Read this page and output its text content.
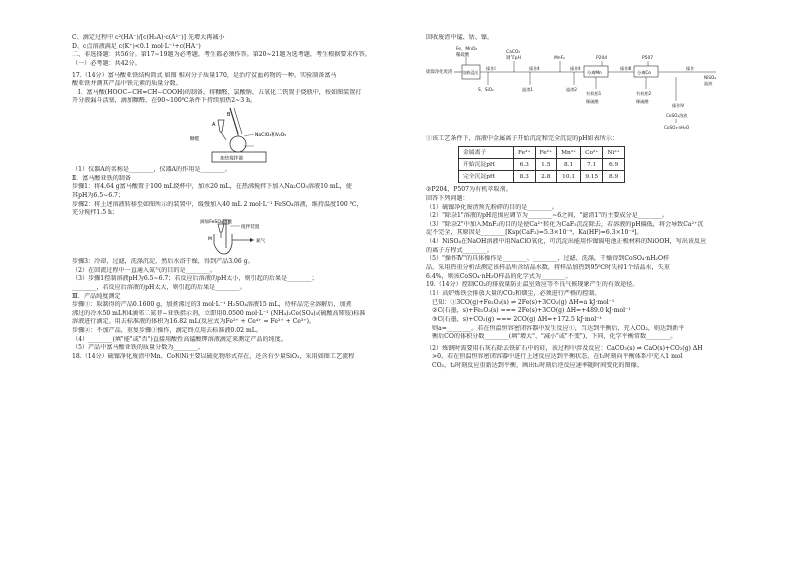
C、滴定过程中 c²(HA⁻)/[c(H₂A)·c(A²⁻)] 先增大再减小
D、c点溶液满足 c(K⁺)<0.1 mol·L⁻¹+c(HA⁻)
二、非选择题：共56分。第17~19题为必考题，考生都必须作答。第20~21题为选考题，考生根据要求作答。
（一）必考题：共42分。
17.（14分）富马酸亚铁结构简式 如图 相对分子质量170，是治疗贫血药物的一种。实验制备富马
酸亚铁并测其产品中铁元素的质量分数。
Ⅰ．富马酸(HOOC−CH=CH−COOH)的制备。将糠醛、氯酸钠、五氧化二钒置于烧瓶中，按如图装置打
开分液漏斗活塞，滴加糠醛，在90~100℃条件下持续加热2~3 h。
B
A
糠醛
NaClO₃和V₂O₅
加热搅拌器
（1）仪器A的名称是________，仪器A的作用是________。
Ⅱ．富马酸亚铁的制备
步骤1：将4.64 g富马酸置于100 mL烧杯中，加水20 mL，在热沸搅拌下加入Na₂CO₃溶液10 mL，使
其pH为6.5~6.7；
步骤2：将上述溶液转移至如图所示的装置中，缓慢加入40 mL 2 mol·L⁻¹ FeSO₄溶液，维持温度100 ℃，
充分搅拌1.5 h；
滴加FeSO₄溶液
搅拌装置
氮气
M
步骤3：冷却，过滤，洗涤沉淀，然后水浴干燥，得到产品3.06 g。
（2）在回流过程中一直通入氮气的目的是________。
（3）步骤1控制溶液pH为6.5~6.7；若反应后溶液的pH太小，则引起的后果是________；
________，若反应后溶液的pH太大，则引起的后果是________。
Ⅲ．产品纯度测定
步骤①：取制得的产品0.1600 g，加煮沸过的3 mol·L⁻¹ H₂SO₄溶液15 mL，待样品完全溶解后，加煮
沸过的冷水50 mL和4滴邻二氮菲−亚铁指示剂，立即用0.0500 mol·L⁻¹ (NH₄)₂Ce(SO₄)₃(硫酸高铈铵)标准
溶液进行滴定。用去标准液的体积为16.82 mL(反应式为Fe²⁺ + Ce⁴⁺ = Fe³⁺ + Ce³⁺)。
步骤②：不加产品，重复步骤①操作，滴定终点用去标准液0.02 mL。
（4）________(填"能"或"否")直接用酸性高锰酸钾溶液滴定来测定产品的纯度。
（5）产品中富马酸亚铁的质量分数为________。
18.（14分）硫镍净化废渣中Mn、Co和Ni主要以硫化物形式存在，还含有少量SiO₂，采用如图工艺流程
回收废渣中锰、钴、镍。
Fe、MnO₂
稀硫酸
CaCO₃
调节pH	MnF₂	P204	P507
硫镍净化废渣	加热浸出
操作Ⅰ	操作Ⅱ	操作Ⅱ	操作Ⅲ	操作
分离Mn	分离Co
S、SiO₂	滤渣1	滤渣2
有机相1	有机相2
稀硫酸	稀硫酸
操作Ⅳ
CoSO₄溶液
CoSO₄·nH₂O
NiSO₄
滤液
①该工艺条件下，溶液中金属离子开始沉淀和完全沉淀的pH如表所示：
金属离子	Fe³⁺	Fe²⁺	Mn²⁺	Co²⁺	Ni²⁺
开始沉淀pH	6.3	1.5	8.1	7.1	6.9
完全沉淀pH	8.3	2.8	10.1	9.15	8.9
②P204、P507为有机萃取剂。
回答下列问题：
（1）硫镍净化废渣预先粉碎的目的是________。
（2）"除杂1"溶液的pH范围应调节为________~6之间，"滤渣1"的主要成分是________。
（3）"除杂2"中加入MnF₂的目的是使Ca²⁺转化为CaF₂沉淀除去，若溶液的pH偏低，将会导致Ca²⁺沉
淀不完全，其原因是________[Ksp(CaF₂)=5.3×10⁻⁹，Ka(HF)=6.3×10⁻⁴]。
（4）NiSO₄在NaOH溶液中用NaClO氧化，可沉淀出能用作镍镉电池正极材料的NiOOH，写出该反应
的离子方程式________。
（5）"操作Ⅳ"的具体操作是________、________、过滤、洗涤，干燥得到CoSO₄·nH₂O样
品，采用热重分析法测定该样品所含结晶水数，将样品加热到95℃时失掉1个结晶水，失重
6.4%，则该CoSO₄·nH₂O样品的化学式为________。
19.（14分）控制CO₂的排放量防止温室效应等不良气候现象产生的有效途径。
（1）高炉炼铁会排放大量的CO₂和烟尘，必须进行严格的控制。
已知：①3CO(g)+Fe₂O₃(s) ⇌ 2Fe(s)+3CO₂(g) ΔH=a kJ·mol⁻¹
②C(石墨，s)+Fe₂O₃(s) === 2Fe(s)+3CO(g) ΔH=+489.0 kJ·mol⁻¹
③C(石墨，s)+CO₂(g) === 2CO(g) ΔH=+172.5 kJ·mol⁻¹
则a=________。若在恒温恒容密闭容器中发生反应①，当达到平衡后，充入CO₂，则达到新平
衡后CO的体积分数________(填"增大"、"减小"或"不变")，下同，化学平衡常数________。
（2）炼钢时需要用石灰石除去铁矿石中的硅，该过程中涉及反应：CaCO₃(s) ⇌ CaO(s)+CO₂(g) ΔH
>0。若在恒温恒容密闭容器中进行上述反应达到平衡状态，在t₁时刻向平衡体系中充入1 mol
CO₂，t₂时刻反应重新达到平衡，画出t₁时刻后逆反应速率随时间变化的图像。
